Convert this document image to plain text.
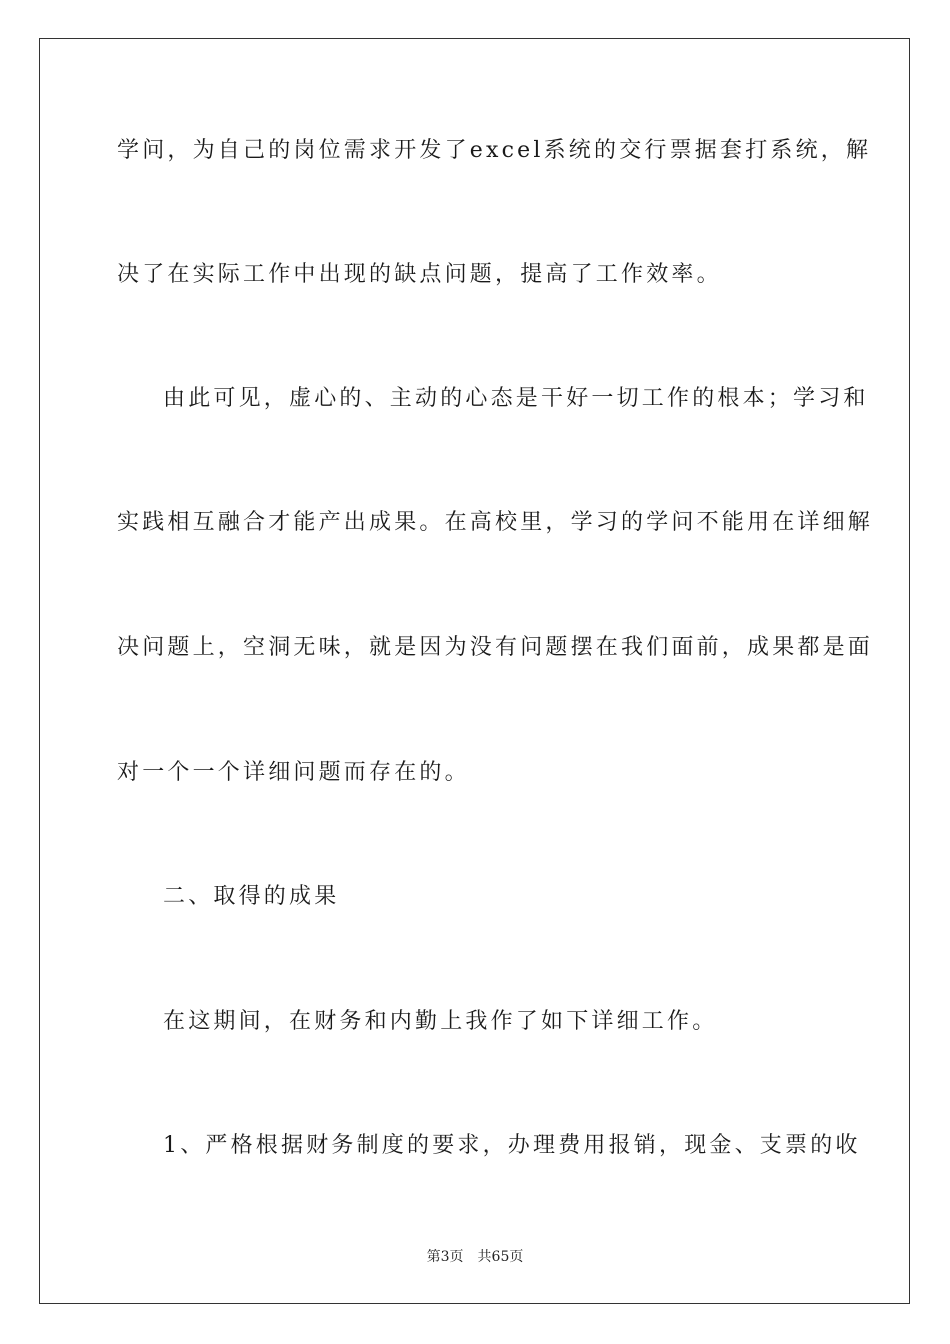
学问，为自己的岗位需求开发了excel系统的交行票据套打系统，解
决了在实际工作中出现的缺点问题，提高了工作效率。
由此可见，虚心的、主动的心态是干好一切工作的根本；学习和
实践相互融合才能产出成果。在高校里，学习的学问不能用在详细解
决问题上，空洞无味，就是因为没有问题摆在我们面前，成果都是面
对一个一个详细问题而存在的。
二、取得的成果
在这期间，在财务和内勤上我作了如下详细工作。
1、严格根据财务制度的要求，办理费用报销，现金、支票的收
第3页 共65页
